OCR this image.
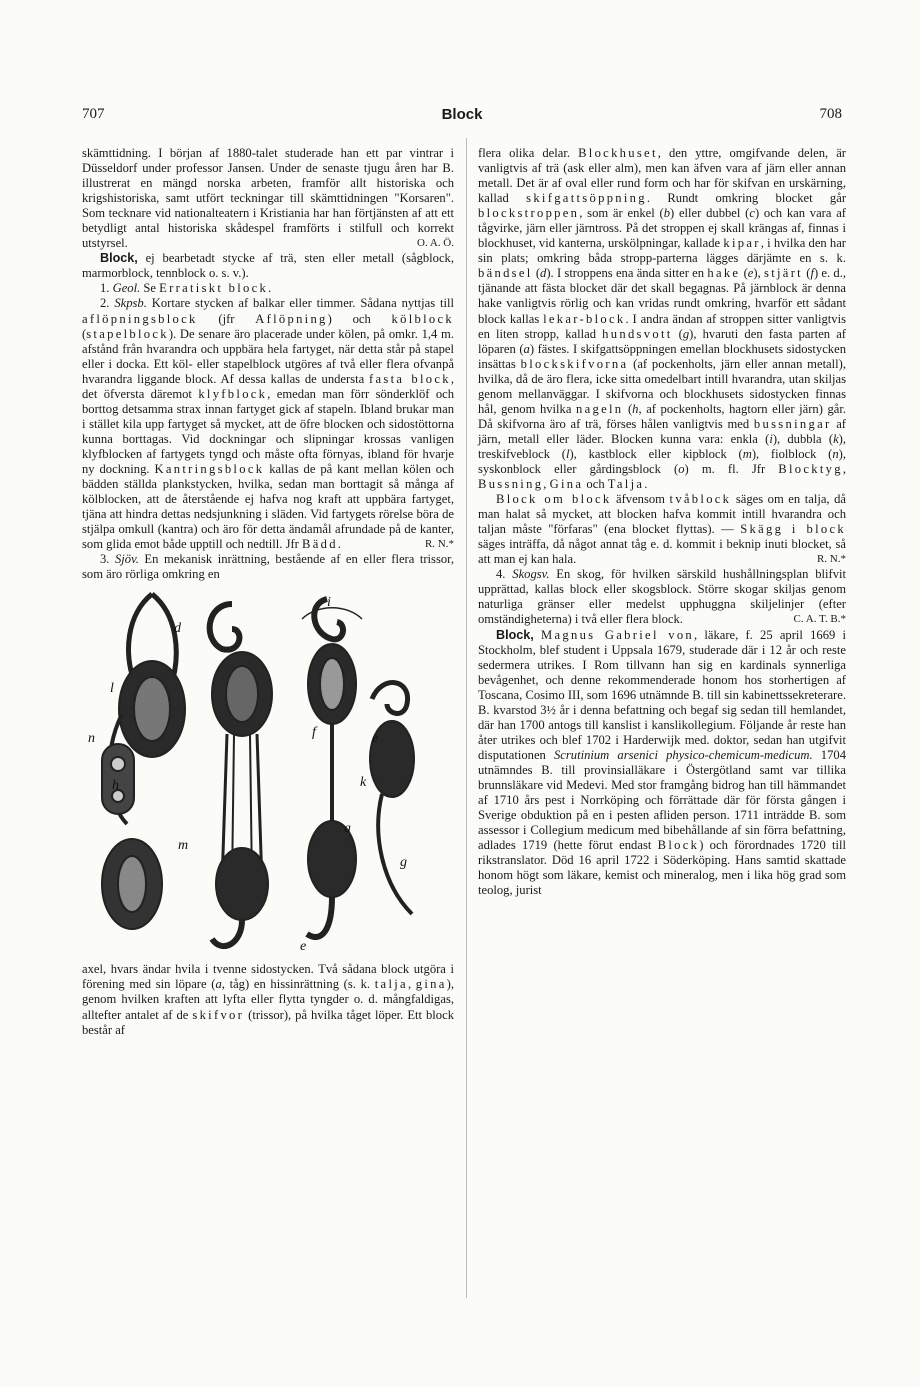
707	Block	708

skämttidning. I början af 1880-talet studerade han ett par vintrar i Düsseldorf under professor Jansen. Under de senaste tjugu åren har B. illustrerat en mängd norska arbeten, framför allt historiska och krigshistoriska, samt utfört teckningar till skämttidningen "Korsaren". Som tecknare vid nationalteatern i Kristiania har han förtjänsten af att ett betydligt antal historiska skådespel framförts i stilfull och korrekt utstyrsel.	O. A. Ö.

Block, ej bearbetadt stycke af trä, sten eller metall (sågblock, marmorblock, tennblock o. s. v.).

1. Geol. Se Erratiskt block.

2. Skpsb. Kortare stycken af balkar eller timmer. Sådana nyttjas till aflöpningsblock (jfr Aflöpning) och kölblock (stapelblock). De senare äro placerade under kölen, på omkr. 1,4 m. afstånd från hvarandra och uppbära hela fartyget, när detta står på stapel eller i docka. Ett köl- eller stapelblock utgöres af två eller flera ofvanpå hvarandra liggande block. Af dessa kallas de understa fasta block, det öfversta däremot klyfblock, emedan man förr sönderklöf och borttog detsamma strax innan fartyget gick af stapeln. Ibland brukar man i stället kila upp fartyget så mycket, att de öfre blocken och sidostöttorna kunna borttagas. Vid dockningar och slipningar krossas vanligen klyfblocken af fartygets tyngd och måste ofta förnyas, ibland för hvarje ny dockning. Kantringsblock kallas de på kant mellan kölen och bädden ställda plankstycken, hvilka, sedan man borttagit så många af kölblocken, att de återstående ej hafva nog kraft att uppbära fartyget, tjäna att hindra dettas nedsjunkning i släden. Vid fartygets rörelse böra de stjälpa omkull (kantra) och äro för detta ändamål afrundade på de kanter, som glida emot både upptill och nedtill. Jfr Bädd.	R. N.*

3. Sjöv. En mekanisk inrättning, bestående af en eller flera trissor, som äro rörliga omkring en

d
l
i
n
h
m
f	e
k
a
g
e

axel, hvars ändar hvila i tvenne sidostycken. Två sådana block utgöra i förening med sin löpare (a, tåg) en hissinrättning (s. k. talja, gina), genom hvilken kraften att lyfta eller flytta tyngder o. d. mångfaldigas, alltefter antalet af de skifvor (trissor), på hvilka tåget löper. Ett block består af

flera olika delar. Blockhuset, den yttre, omgifvande delen, är vanligtvis af trä (ask eller alm), men kan äfven vara af järn eller annan metall. Det är af oval eller rund form och har för skifvan en urskärning, kallad skifgattsöppning. Rundt omkring blocket går blockstroppen, som är enkel (b) eller dubbel (c) och kan vara af tågvirke, järn eller järntross. På det stroppen ej skall krängas af, finnas i blockhuset, vid kanterna, urskölpningar, kallade kipar, i hvilka den har sin plats; omkring båda stropp-parterna lägges därjämte en s. k. bändsel (d). I stroppens ena ända sitter en hake (e), stjärt (f) e. d., tjänande att fästa blocket där det skall begagnas. På järnblock är denna hake vanligtvis rörlig och kan vridas rundt omkring, hvarför ett sådant block kallas lekar-block. I andra ändan af stroppen sitter vanligtvis en liten stropp, kallad hundsvott (g), hvaruti den fasta parten af löparen (a) fästes. I skifgattsöppningen emellan blockhusets sidostycken insättas blockskifvorna (af pockenholts, järn eller annan metall), hvilka, då de äro flera, icke sitta omedelbart intill hvarandra, utan skiljas genom mellanväggar. I skifvorna och blockhusets sidostycken finnas hål, genom hvilka nageln (h, af pockenholts, hagtorn eller järn) går. Då skifvorna äro af trä, förses hålen vanligtvis med bussningar af järn, metall eller läder. Blocken kunna vara: enkla (i), dubbla (k), treskifveblock (l), kastblock eller kipblock (m), fiolblock (n), syskonblock eller gårdingsblock (o) m. fl. Jfr Blocktyg, Bussning, Gina och Talja.

Block om block äfvensom tvåblock säges om en talja, då man halat så mycket, att blocken hafva kommit intill hvarandra och taljan måste "förfaras" (ena blocket flyttas). — Skägg i block säges inträffa, då något annat tåg e. d. kommit i beknip inuti blocket, så att man ej kan hala.	R. N.*

4. Skogsv. En skog, för hvilken särskild hushållningsplan blifvit upprättad, kallas block eller skogsblock. Större skogar skiljas genom naturliga gränser eller medelst upphuggna skiljelinjer (efter omständigheterna) i två eller flera block.	C. A. T. B.*

Block, Magnus Gabriel von, läkare, f. 25 april 1669 i Stockholm, blef student i Uppsala 1679, studerade där i 12 år och reste sedermera utrikes. I Rom tillvann han sig en kardinals synnerliga bevågenhet, och denne rekommenderade honom hos storhertigen af Toscana, Cosimo III, som 1696 utnämnde B. till sin kabinettssekreterare. B. kvarstod 3½ år i denna befattning och begaf sig sedan till hemlandet, där han 1700 antogs till kanslist i kanslikollegium. Följande år reste han åter utrikes och blef 1702 i Harderwijk med. doktor, sedan han utgifvit disputationen Scrutinium arsenici physico-chemicum-medicum. 1704 utnämndes B. till provinsialläkare i Östergötland samt var tillika brunnsläkare vid Medevi. Med stor framgång bidrog han till hämmandet af 1710 års pest i Norrköping och förrättade där för första gången i Sverige obduktion på en i pesten afliden person. 1711 inträdde B. som assessor i Collegium medicum med bibehållande af sin förra befattning, adlades 1719 (hette förut endast Block) och förordnades 1720 till rikstranslator. Död 16 april 1722 i Söderköping. Hans samtid skattade honom högt som läkare, kemist och mineralog, men i lika hög grad som teolog, jurist
